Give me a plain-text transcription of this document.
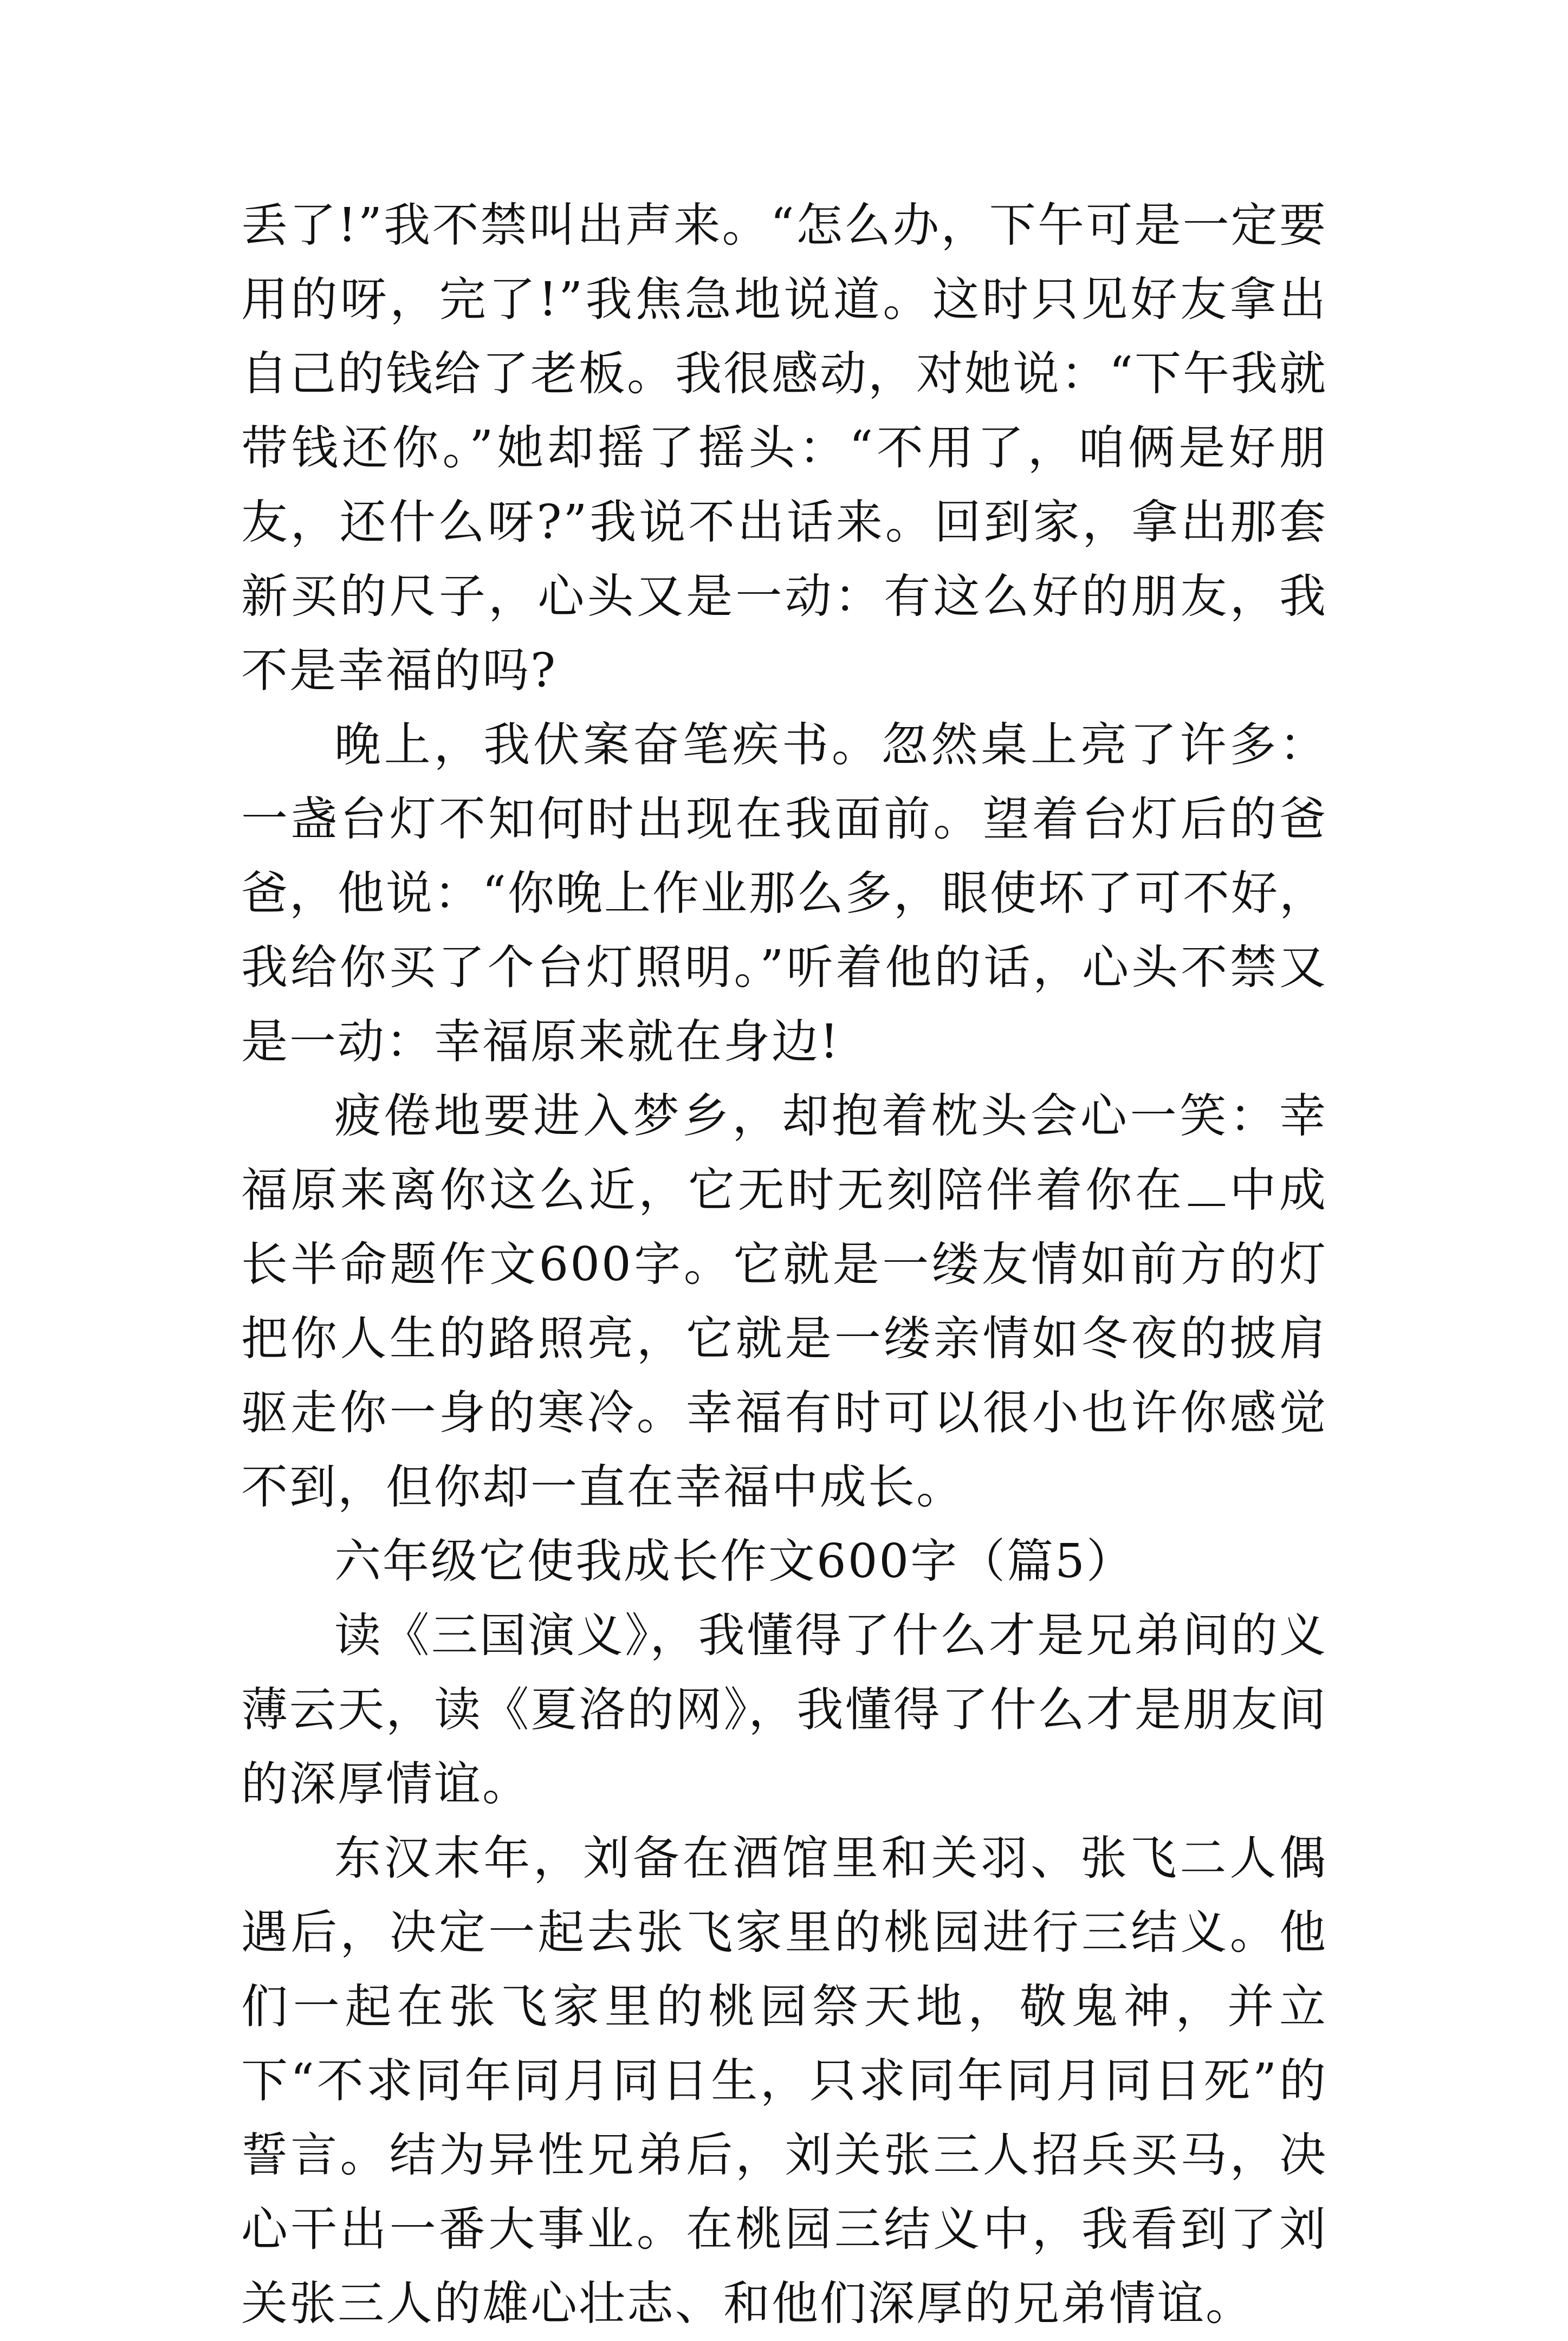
丢了!”我不禁叫出声来。“怎么办，下午可是一定要用的呀，完了!”我焦急地说道。这时只见好友拿出自己的钱给了老板。我很感动，对她说：“下午我就带钱还你。”她却摇了摇头：“不用了，咱俩是好朋友，还什么呀?”我说不出话来。回到家，拿出那套新买的尺子，心头又是一动：有这么好的朋友，我不是幸福的吗?

晚上，我伏案奋笔疾书。忽然桌上亮了许多：一盏台灯不知何时出现在我面前。望着台灯后的爸爸，他说：“你晚上作业那么多，眼使坏了可不好，我给你买了个台灯照明。”听着他的话，心头不禁又是一动：幸福原来就在身边!

疲倦地要进入梦乡，却抱着枕头会心一笑：幸福原来离你这么近，它无时无刻陪伴着你在 中成长半命题作文600字。它就是一缕友情如前方的灯把你人生的路照亮，它就是一缕亲情如冬夜的披肩驱走你一身的寒冷。幸福有时可以很小也许你感觉不到，但你却一直在幸福中成长。

六年级它使我成长作文600字（篇5）

读《三国演义》，我懂得了什么才是兄弟间的义薄云天，读《夏洛的网》，我懂得了什么才是朋友间的深厚情谊。

东汉末年，刘备在酒馆里和关羽、张飞二人偶遇后，决定一起去张飞家里的桃园进行三结义。他们一起在张飞家里的桃园祭天地，敬鬼神，并立下“不求同年同月同日生，只求同年同月同日死”的誓言。结为异性兄弟后，刘关张三人招兵买马，决心干出一番大事业。在桃园三结义中，我看到了刘关张三人的雄心壮志、和他们深厚的兄弟情谊。
